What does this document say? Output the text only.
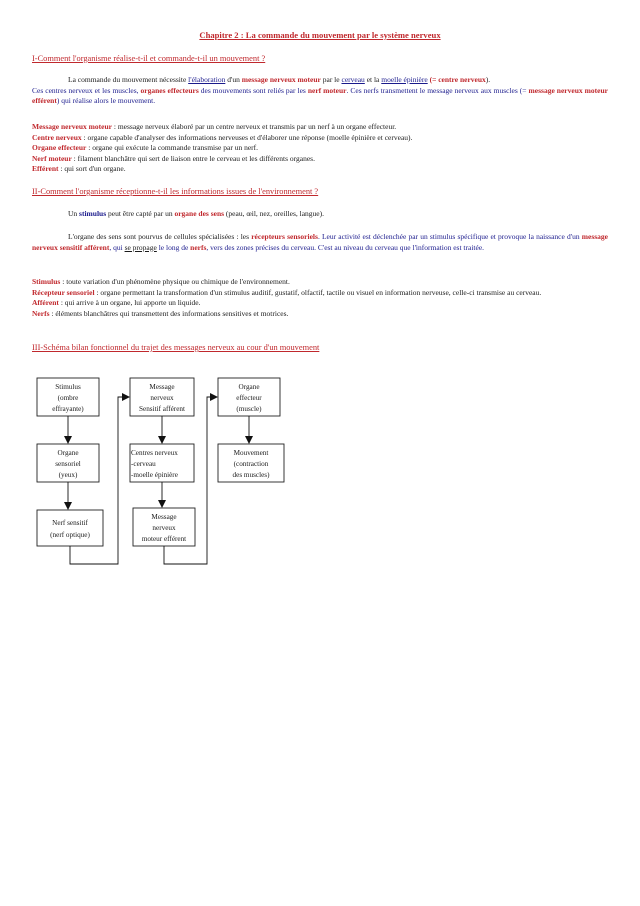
Chapitre 2 : La commande du mouvement par le système nerveux
I-Comment l'organisme réalise-t-il et commande-t-il un mouvement ?
La commande du mouvement nécessite l'élaboration d'un message nerveux moteur par le cerveau et la moelle épinière (= centre nerveux).
Ces centres nerveux et les muscles, organes effecteurs des mouvements sont reliés par les nerf moteur. Ces nerfs transmettent le message nerveux aux muscles (= message nerveux moteur efférent) qui réalise alors le mouvement.
Message nerveux moteur : message nerveux élaboré par un centre nerveux et transmis par un nerf à un organe effecteur.
Centre nerveux : organe capable d'analyser des informations nerveuses et d'élaborer une réponse (moelle épinière et cerveau).
Organe effecteur : organe qui exécute la commande transmise par un nerf.
Nerf moteur : filament blanchâtre qui sert de liaison entre le cerveau et les différents organes.
Efférent : qui sort d'un organe.
II-Comment l'organisme réceptionne-t-il les informations issues de l'environnement ?
Un stimulus peut être capté par un organe des sens (peau, œil, nez, oreilles, langue).
L'organe des sens sont pourvus de cellules spécialisées : les récepteurs sensoriels. Leur activité est déclenchée par un stimulus spécifique et provoque la naissance d'un message nerveux sensitif afférent, qui se propage le long de nerfs, vers des zones précises du cerveau. C'est au niveau du cerveau que l'information est traitée.
Stimulus : toute variation d'un phénomène physique ou chimique de l'environnement.
Récepteur sensoriel : organe permettant la transformation d'un stimulus auditif, gustatif, olfactif, tactile ou visuel en information nerveuse, celle-ci transmise au cerveau.
Afférent : qui arrive à un organe, lui apporte un liquide.
Nerfs : éléments blanchâtres qui transmettent des informations sensitives et motrices.
III-Schéma bilan fonctionnel du trajet des messages nerveux au cour d'un mouvement
Stimulus
(ombre
effrayante)
Organe
sensoriel
(yeux)
Nerf sensitif
(nerf optique)
Message
nerveux
Sensitif afférent
Centres nerveux
-cerveau
-moelle épinière
Message
nerveux
moteur efférent
Organe
effecteur
(muscle)
Mouvement
(contraction
des muscles)
